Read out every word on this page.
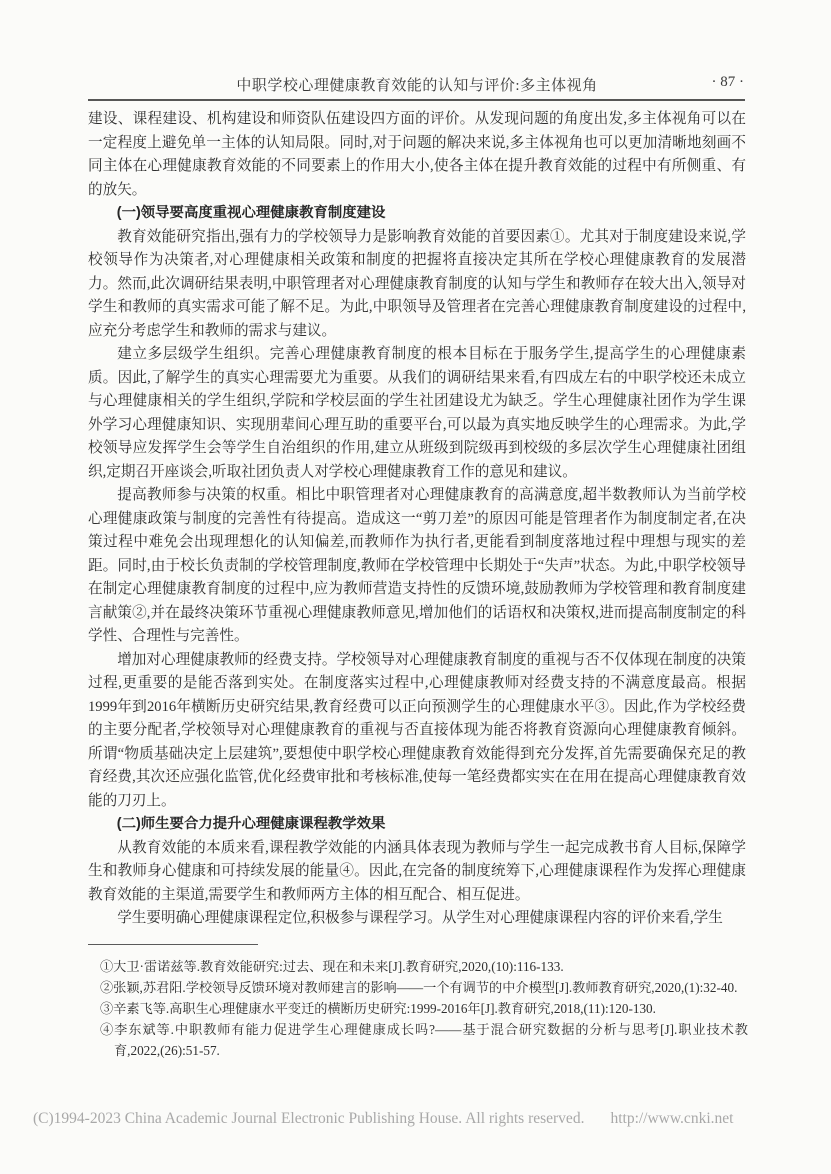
中职学校心理健康教育效能的认知与评价:多主体视角	· 87 ·

建设、课程建设、机构建设和师资队伍建设四方面的评价。从发现问题的角度出发,多主体视角可以在一定程度上避免单一主体的认知局限。同时,对于问题的解决来说,多主体视角也可以更加清晰地刻画不同主体在心理健康教育效能的不同要素上的作用大小,使各主体在提升教育效能的过程中有所侧重、有的放矢。

(一)领导要高度重视心理健康教育制度建设

教育效能研究指出,强有力的学校领导力是影响教育效能的首要因素①。尤其对于制度建设来说,学校领导作为决策者,对心理健康相关政策和制度的把握将直接决定其所在学校心理健康教育的发展潜力。然而,此次调研结果表明,中职管理者对心理健康教育制度的认知与学生和教师存在较大出入,领导对学生和教师的真实需求可能了解不足。为此,中职领导及管理者在完善心理健康教育制度建设的过程中,应充分考虑学生和教师的需求与建议。

建立多层级学生组织。完善心理健康教育制度的根本目标在于服务学生,提高学生的心理健康素质。因此,了解学生的真实心理需要尤为重要。从我们的调研结果来看,有四成左右的中职学校还未成立与心理健康相关的学生组织,学院和学校层面的学生社团建设尤为缺乏。学生心理健康社团作为学生课外学习心理健康知识、实现朋辈间心理互助的重要平台,可以最为真实地反映学生的心理需求。为此,学校领导应发挥学生会等学生自治组织的作用,建立从班级到院级再到校级的多层次学生心理健康社团组织,定期召开座谈会,听取社团负责人对学校心理健康教育工作的意见和建议。

提高教师参与决策的权重。相比中职管理者对心理健康教育的高满意度,超半数教师认为当前学校心理健康政策与制度的完善性有待提高。造成这一“剪刀差”的原因可能是管理者作为制度制定者,在决策过程中难免会出现理想化的认知偏差,而教师作为执行者,更能看到制度落地过程中理想与现实的差距。同时,由于校长负责制的学校管理制度,教师在学校管理中长期处于“失声”状态。为此,中职学校领导在制定心理健康教育制度的过程中,应为教师营造支持性的反馈环境,鼓励教师为学校管理和教育制度建言献策②,并在最终决策环节重视心理健康教师意见,增加他们的话语权和决策权,进而提高制度制定的科学性、合理性与完善性。

增加对心理健康教师的经费支持。学校领导对心理健康教育制度的重视与否不仅体现在制度的决策过程,更重要的是能否落到实处。在制度落实过程中,心理健康教师对经费支持的不满意度最高。根据1999年到2016年横断历史研究结果,教育经费可以正向预测学生的心理健康水平③。因此,作为学校经费的主要分配者,学校领导对心理健康教育的重视与否直接体现为能否将教育资源向心理健康教育倾斜。所谓“物质基础决定上层建筑”,要想使中职学校心理健康教育效能得到充分发挥,首先需要确保充足的教育经费,其次还应强化监管,优化经费审批和考核标准,使每一笔经费都实实在在用在提高心理健康教育效能的刀刃上。

(二)师生要合力提升心理健康课程教学效果

从教育效能的本质来看,课程教学效能的内涵具体表现为教师与学生一起完成教书育人目标,保障学生和教师身心健康和可持续发展的能量④。因此,在完备的制度统筹下,心理健康课程作为发挥心理健康教育效能的主渠道,需要学生和教师两方主体的相互配合、相互促进。

学生要明确心理健康课程定位,积极参与课程学习。从学生对心理健康课程内容的评价来看,学生

①大卫·雷诺兹等.教育效能研究:过去、现在和未来[J].教育研究,2020,(10):116-133.

②张颖,苏君阳.学校领导反馈环境对教师建言的影响——一个有调节的中介模型[J].教师教育研究,2020,(1):32-40.

③辛素飞等.高职生心理健康水平变迁的横断历史研究:1999-2016年[J].教育研究,2018,(11):120-130.

④李东斌等.中职教师有能力促进学生心理健康成长吗?——基于混合研究数据的分析与思考[J].职业技术教育,2022,(26):51-57.

(C)1994-2023 China Academic Journal Electronic Publishing House. All rights reserved. http://www.cnki.net
